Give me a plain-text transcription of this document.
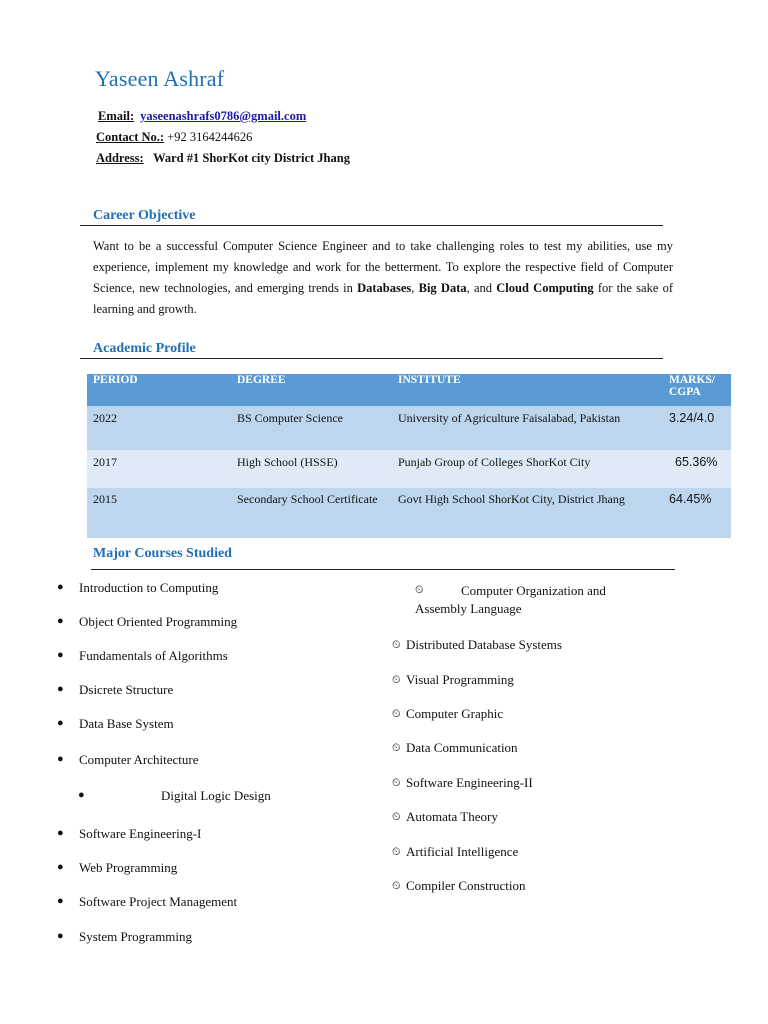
Yaseen Ashraf
Email: yaseenashrafs0786@gmail.com
Contact No.: +92 3164244626
Address: Ward #1 ShorKot city District Jhang
Career Objective
Want to be a successful Computer Science Engineer and to take challenging roles to test my abilities, use my experience, implement my knowledge and work for the betterment. To explore the respective field of Computer Science, new technologies, and emerging trends in Databases, Big Data, and Cloud Computing for the sake of learning and growth.
Academic Profile
PERIOD	DEGREE	INSTITUTE	MARKS/ CGPA
2022	BS Computer Science	University of Agriculture Faisalabad, Pakistan	3.24/4.0
2017	High School (HSSE)	Punjab Group of Colleges ShorKot City	65.36%
2015	Secondary School Certificate	Govt High School ShorKot City, District Jhang	64.45%
Major Courses Studied
● Introduction to Computing
● Object Oriented Programming
● Fundamentals of Algorithms
● Dsicrete Structure
● Data Base System
● Computer Architecture
●	Digital Logic Design
● Software Engineering-I
● Web Programming
● Software Project Management
● System Programming
⏲	Computer Organization and Assembly Language
⏲ Distributed Database Systems
⏲ Visual Programming
⏲ Computer Graphic
⏲ Data Communication
⏲ Software Engineering-II
⏲ Automata Theory
⏲ Artificial Intelligence
⏲ Compiler Construction
